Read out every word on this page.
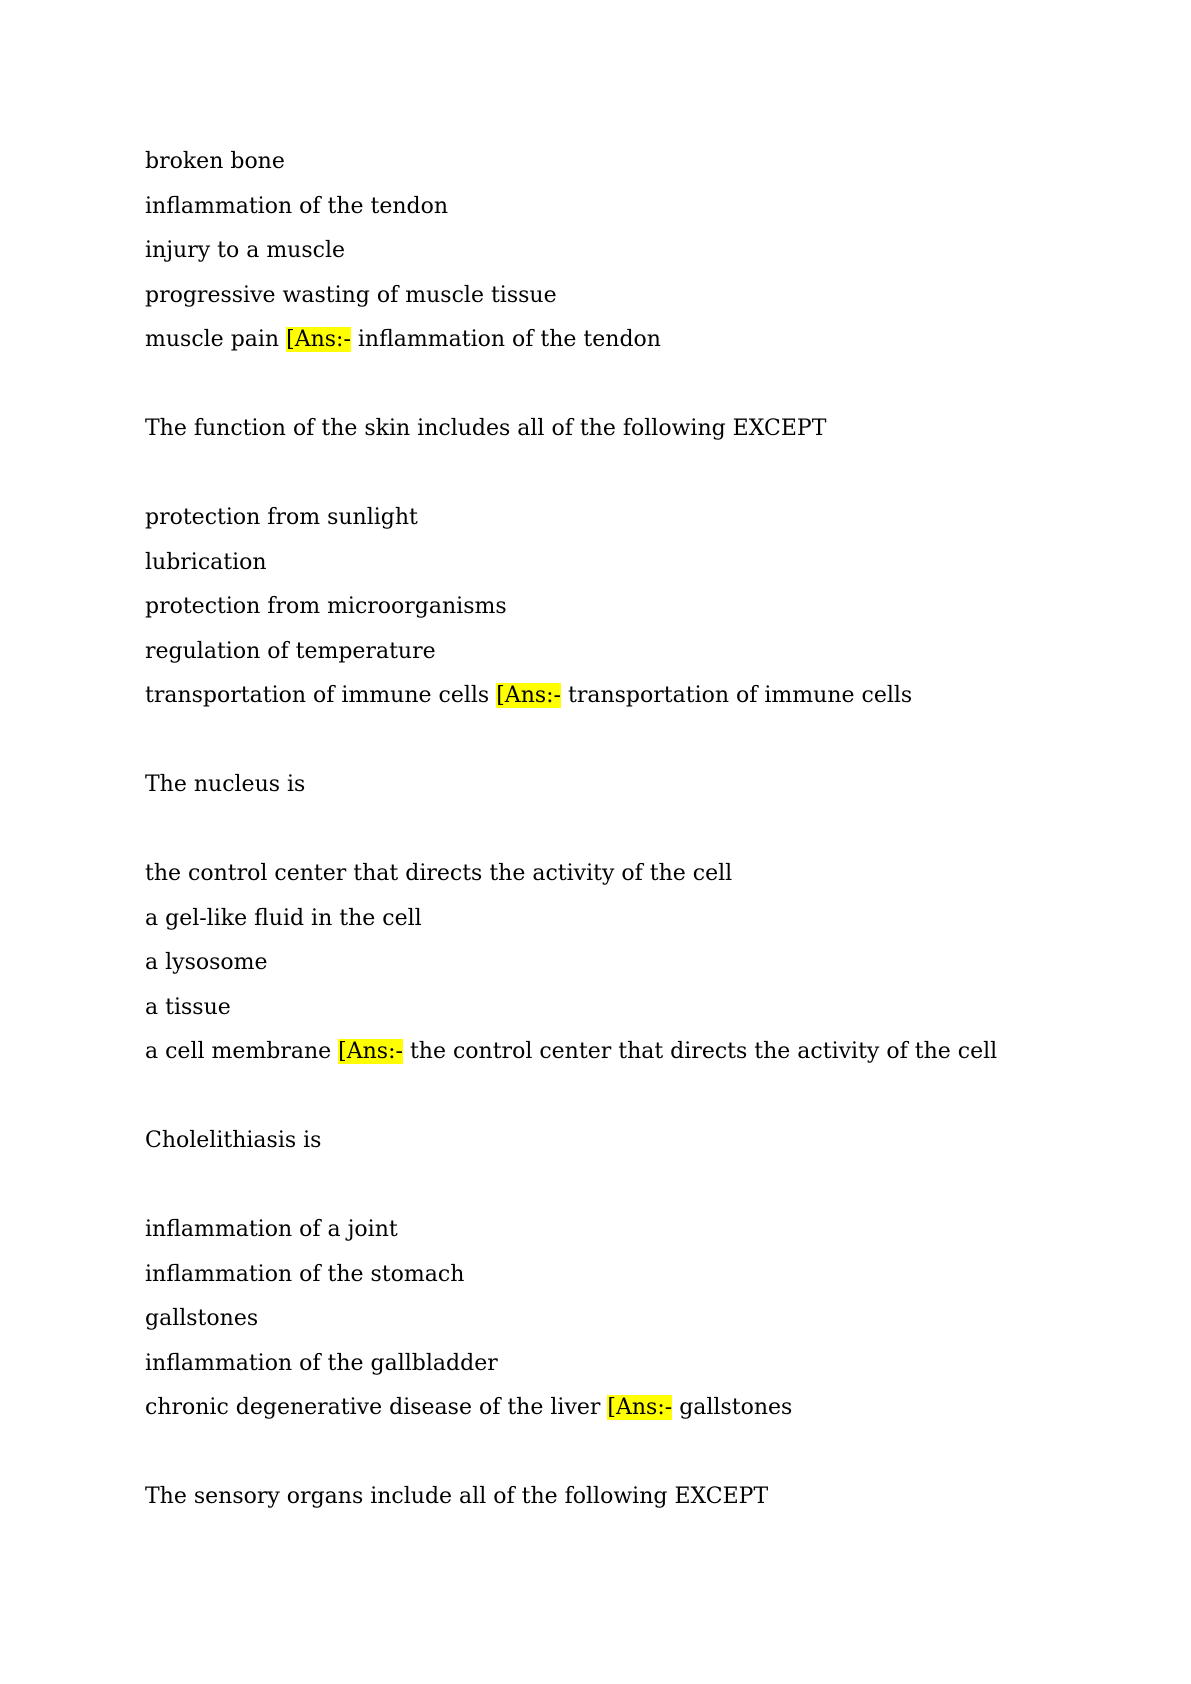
broken bone
inflammation of the tendon
injury to a muscle
progressive wasting of muscle tissue
muscle pain [Ans:- inflammation of the tendon
The function of the skin includes all of the following EXCEPT
protection from sunlight
lubrication
protection from microorganisms
regulation of temperature
transportation of immune cells [Ans:- transportation of immune cells
The nucleus is
the control center that directs the activity of the cell
a gel-like fluid in the cell
a lysosome
a tissue
a cell membrane [Ans:- the control center that directs the activity of the cell
Cholelithiasis is
inflammation of a joint
inflammation of the stomach
gallstones
inflammation of the gallbladder
chronic degenerative disease of the liver [Ans:- gallstones
The sensory organs include all of the following EXCEPT
